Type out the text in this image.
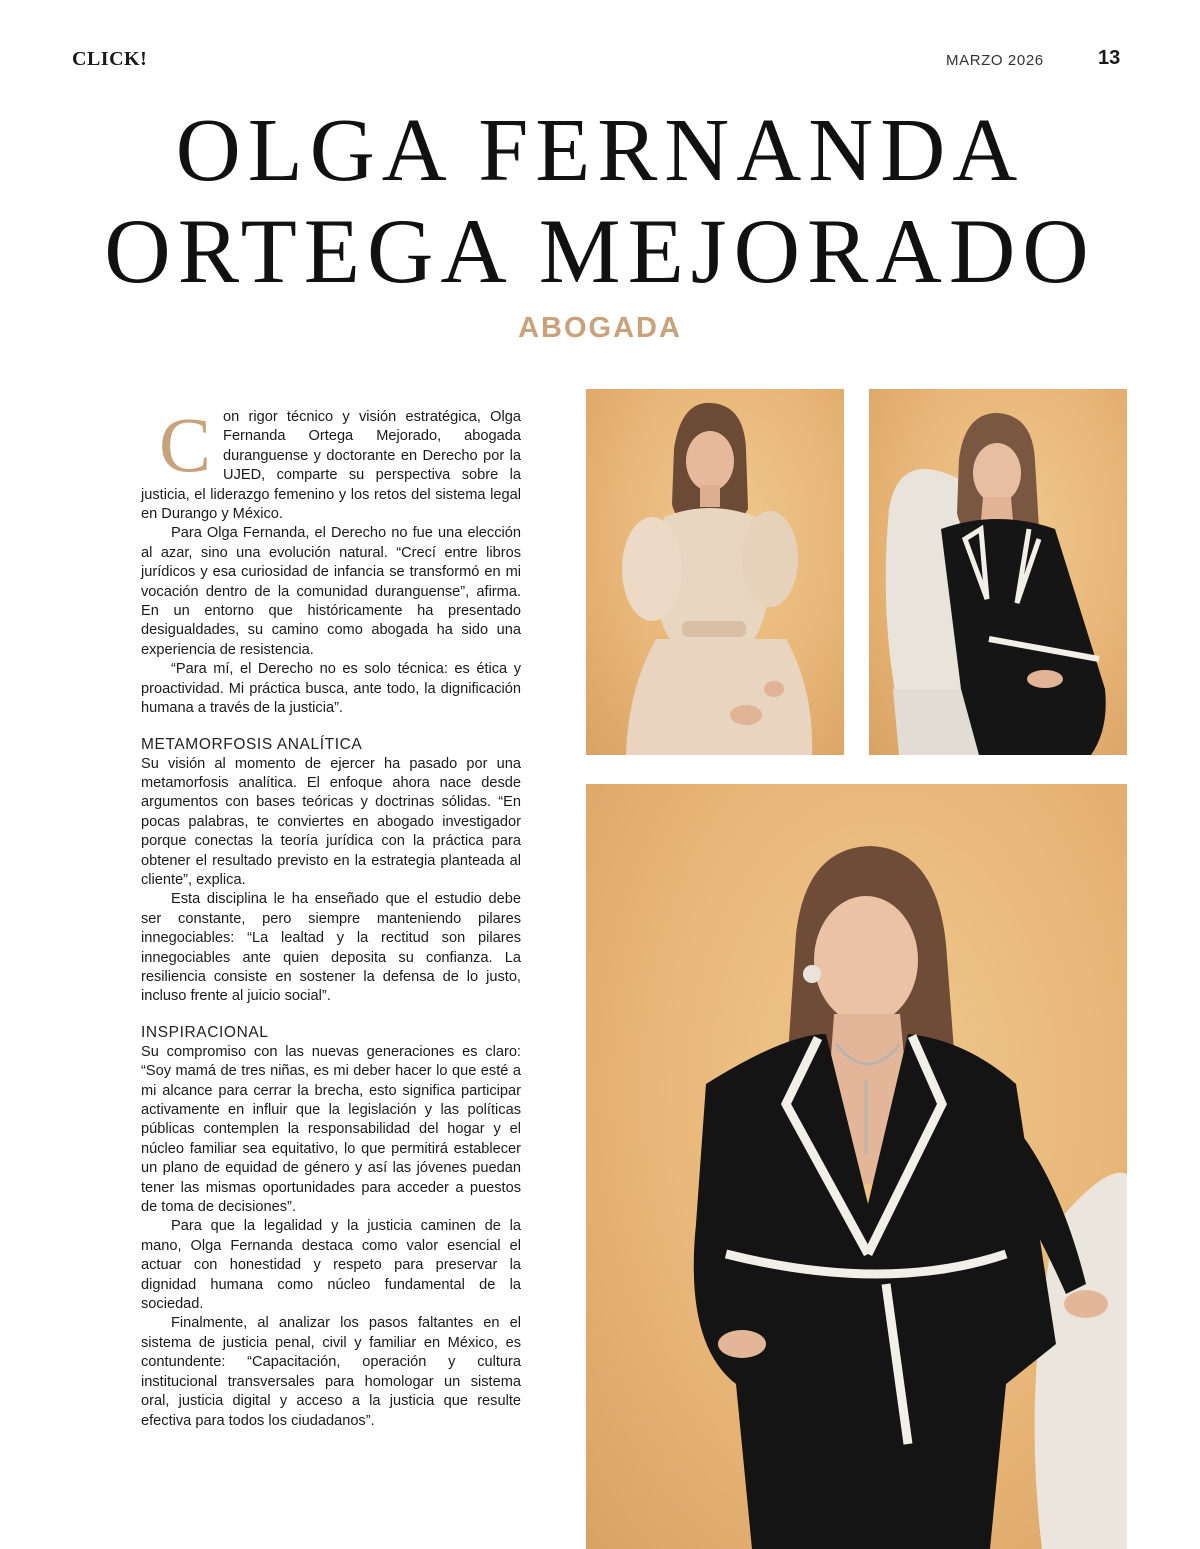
CLICK!	MARZO 2026	13
OLGA FERNANDA
ORTEGA MEJORADO
ABOGADA

Con rigor técnico y visión estratégica, Olga Fernanda Ortega Mejorado, abogada duranguense y doctorante en Derecho por la UJED, comparte su perspectiva sobre la justicia, el liderazgo femenino y los retos del sistema legal en Durango y México.

Para Olga Fernanda, el Derecho no fue una elección al azar, sino una evolución natural. “Crecí entre libros jurídicos y esa curiosidad de infancia se transformó en mi vocación dentro de la comunidad duranguense”, afirma. En un entorno que históricamente ha presentado desigualdades, su camino como abogada ha sido una experiencia de resistencia.

“Para mí, el Derecho no es solo técnica: es ética y proactividad. Mi práctica busca, ante todo, la dignificación humana a través de la justicia”.

METAMORFOSIS ANALÍTICA

Su visión al momento de ejercer ha pasado por una metamorfosis analítica. El enfoque ahora nace desde argumentos con bases teóricas y doctrinas sólidas. “En pocas palabras, te conviertes en abogado investigador porque conectas la teoría jurídica con la práctica para obtener el resultado previsto en la estrategia planteada al cliente”, explica.

Esta disciplina le ha enseñado que el estudio debe ser constante, pero siempre manteniendo pilares innegociables: “La lealtad y la rectitud son pilares innegociables ante quien deposita su confianza. La resiliencia consiste en sostener la defensa de lo justo, incluso frente al juicio social”.

INSPIRACIONAL

Su compromiso con las nuevas generaciones es claro: “Soy mamá de tres niñas, es mi deber hacer lo que esté a mi alcance para cerrar la brecha, esto significa participar activamente en influir que la legislación y las políticas públicas contemplen la responsabilidad del hogar y el núcleo familiar sea equitativo, lo que permitirá establecer un plano de equidad de género y así las jóvenes puedan tener las mismas oportunidades para acceder a puestos de toma de decisiones”.

Para que la legalidad y la justicia caminen de la mano, Olga Fernanda destaca como valor esencial el actuar con honestidad y respeto para preservar la dignidad humana como núcleo fundamental de la sociedad.

Finalmente, al analizar los pasos faltantes en el sistema de justicia penal, civil y familiar en México, es contundente: “Capacitación, operación y cultura institucional transversales para homologar un sistema oral, justicia digital y acceso a la justicia que resulte efectiva para todos los ciudadanos”.
